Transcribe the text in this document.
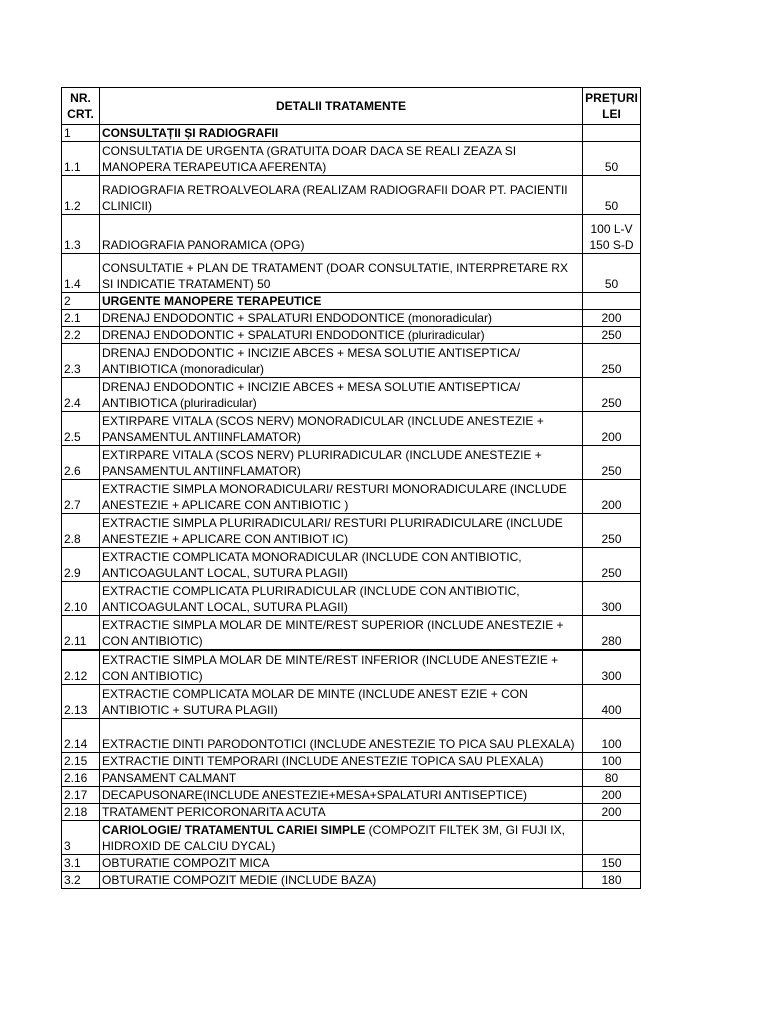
NR. CRT.	DETALII TRATAMENTE	PREȚURI LEI
1	CONSULTAȚII ȘI RADIOGRAFII	
1.1	CONSULTATIA DE URGENTA (GRATUITA DOAR DACA SE REALI ZEAZA SI MANOPERA TERAPEUTICA AFERENTA)	50
1.2	RADIOGRAFIA RETROALVEOLARA (REALIZAM RADIOGRAFII DOAR PT. PACIENTII CLINICII)	50
1.3	RADIOGRAFIA PANORAMICA (OPG)	100 L-V 150 S-D
1.4	CONSULTATIE + PLAN DE TRATAMENT (DOAR CONSULTATIE, INTERPRETARE RX SI INDICATIE TRATAMENT) 50	50
2	URGENTE MANOPERE TERAPEUTICE	
2.1	DRENAJ ENDODONTIC + SPALATURI ENDODONTICE (monoradicular)	200
2.2	DRENAJ ENDODONTIC + SPALATURI ENDODONTICE (pluriradicular)	250
2.3	DRENAJ ENDODONTIC + INCIZIE ABCES + MESA SOLUTIE ANTISEPTICA/ ANTIBIOTICA (monoradicular)	250
2.4	DRENAJ ENDODONTIC + INCIZIE ABCES + MESA SOLUTIE ANTISEPTICA/ ANTIBIOTICA (pluriradicular)	250
2.5	EXTIRPARE VITALA (SCOS NERV) MONORADICULAR (INCLUDE ANESTEZIE + PANSAMENTUL ANTIINFLAMATOR)	200
2.6	EXTIRPARE VITALA (SCOS NERV) PLURIRADICULAR (INCLUDE ANESTEZIE + PANSAMENTUL ANTIINFLAMATOR)	250
2.7	EXTRACTIE SIMPLA MONORADICULARI/ RESTURI MONORADICULARE (INCLUDE ANESTEZIE + APLICARE CON ANTIBIOTIC )	200
2.8	EXTRACTIE SIMPLA PLURIRADICULARI/ RESTURI PLURIRADICULARE (INCLUDE ANESTEZIE + APLICARE CON ANTIBIOT IC)	250
2.9	EXTRACTIE COMPLICATA MONORADICULAR (INCLUDE CON ANTIBIOTIC, ANTICOAGULANT LOCAL, SUTURA PLAGII)	250
2.10	EXTRACTIE COMPLICATA PLURIRADICULAR (INCLUDE CON ANTIBIOTIC, ANTICOAGULANT LOCAL, SUTURA PLAGII)	300
2.11	EXTRACTIE SIMPLA MOLAR DE MINTE/REST SUPERIOR (INCLUDE ANESTEZIE + CON ANTIBIOTIC)	280
2.12	EXTRACTIE SIMPLA MOLAR DE MINTE/REST INFERIOR (INCLUDE ANESTEZIE + CON ANTIBIOTIC)	300
2.13	EXTRACTIE COMPLICATA MOLAR DE MINTE (INCLUDE ANEST EZIE + CON ANTIBIOTIC + SUTURA PLAGII)	400
2.14	EXTRACTIE DINTI PARODONTOTICI (INCLUDE ANESTEZIE TO PICA SAU PLEXALA)	100
2.15	EXTRACTIE DINTI TEMPORARI (INCLUDE ANESTEZIE TOPICA SAU PLEXALA)	100
2.16	PANSAMENT CALMANT	80
2.17	DECAPUSONARE(INCLUDE ANESTEZIE+MESA+SPALATURI ANTISEPTICE)	200
2.18	TRATAMENT PERICORONARITA ACUTA	200
3	CARIOLOGIE/ TRATAMENTUL CARIEI SIMPLE (COMPOZIT FILTEK 3M, GI FUJI IX, HIDROXID DE CALCIU DYCAL)	
3.1	OBTURATIE COMPOZIT MICA	150
3.2	OBTURATIE COMPOZIT MEDIE (INCLUDE BAZA)	180
